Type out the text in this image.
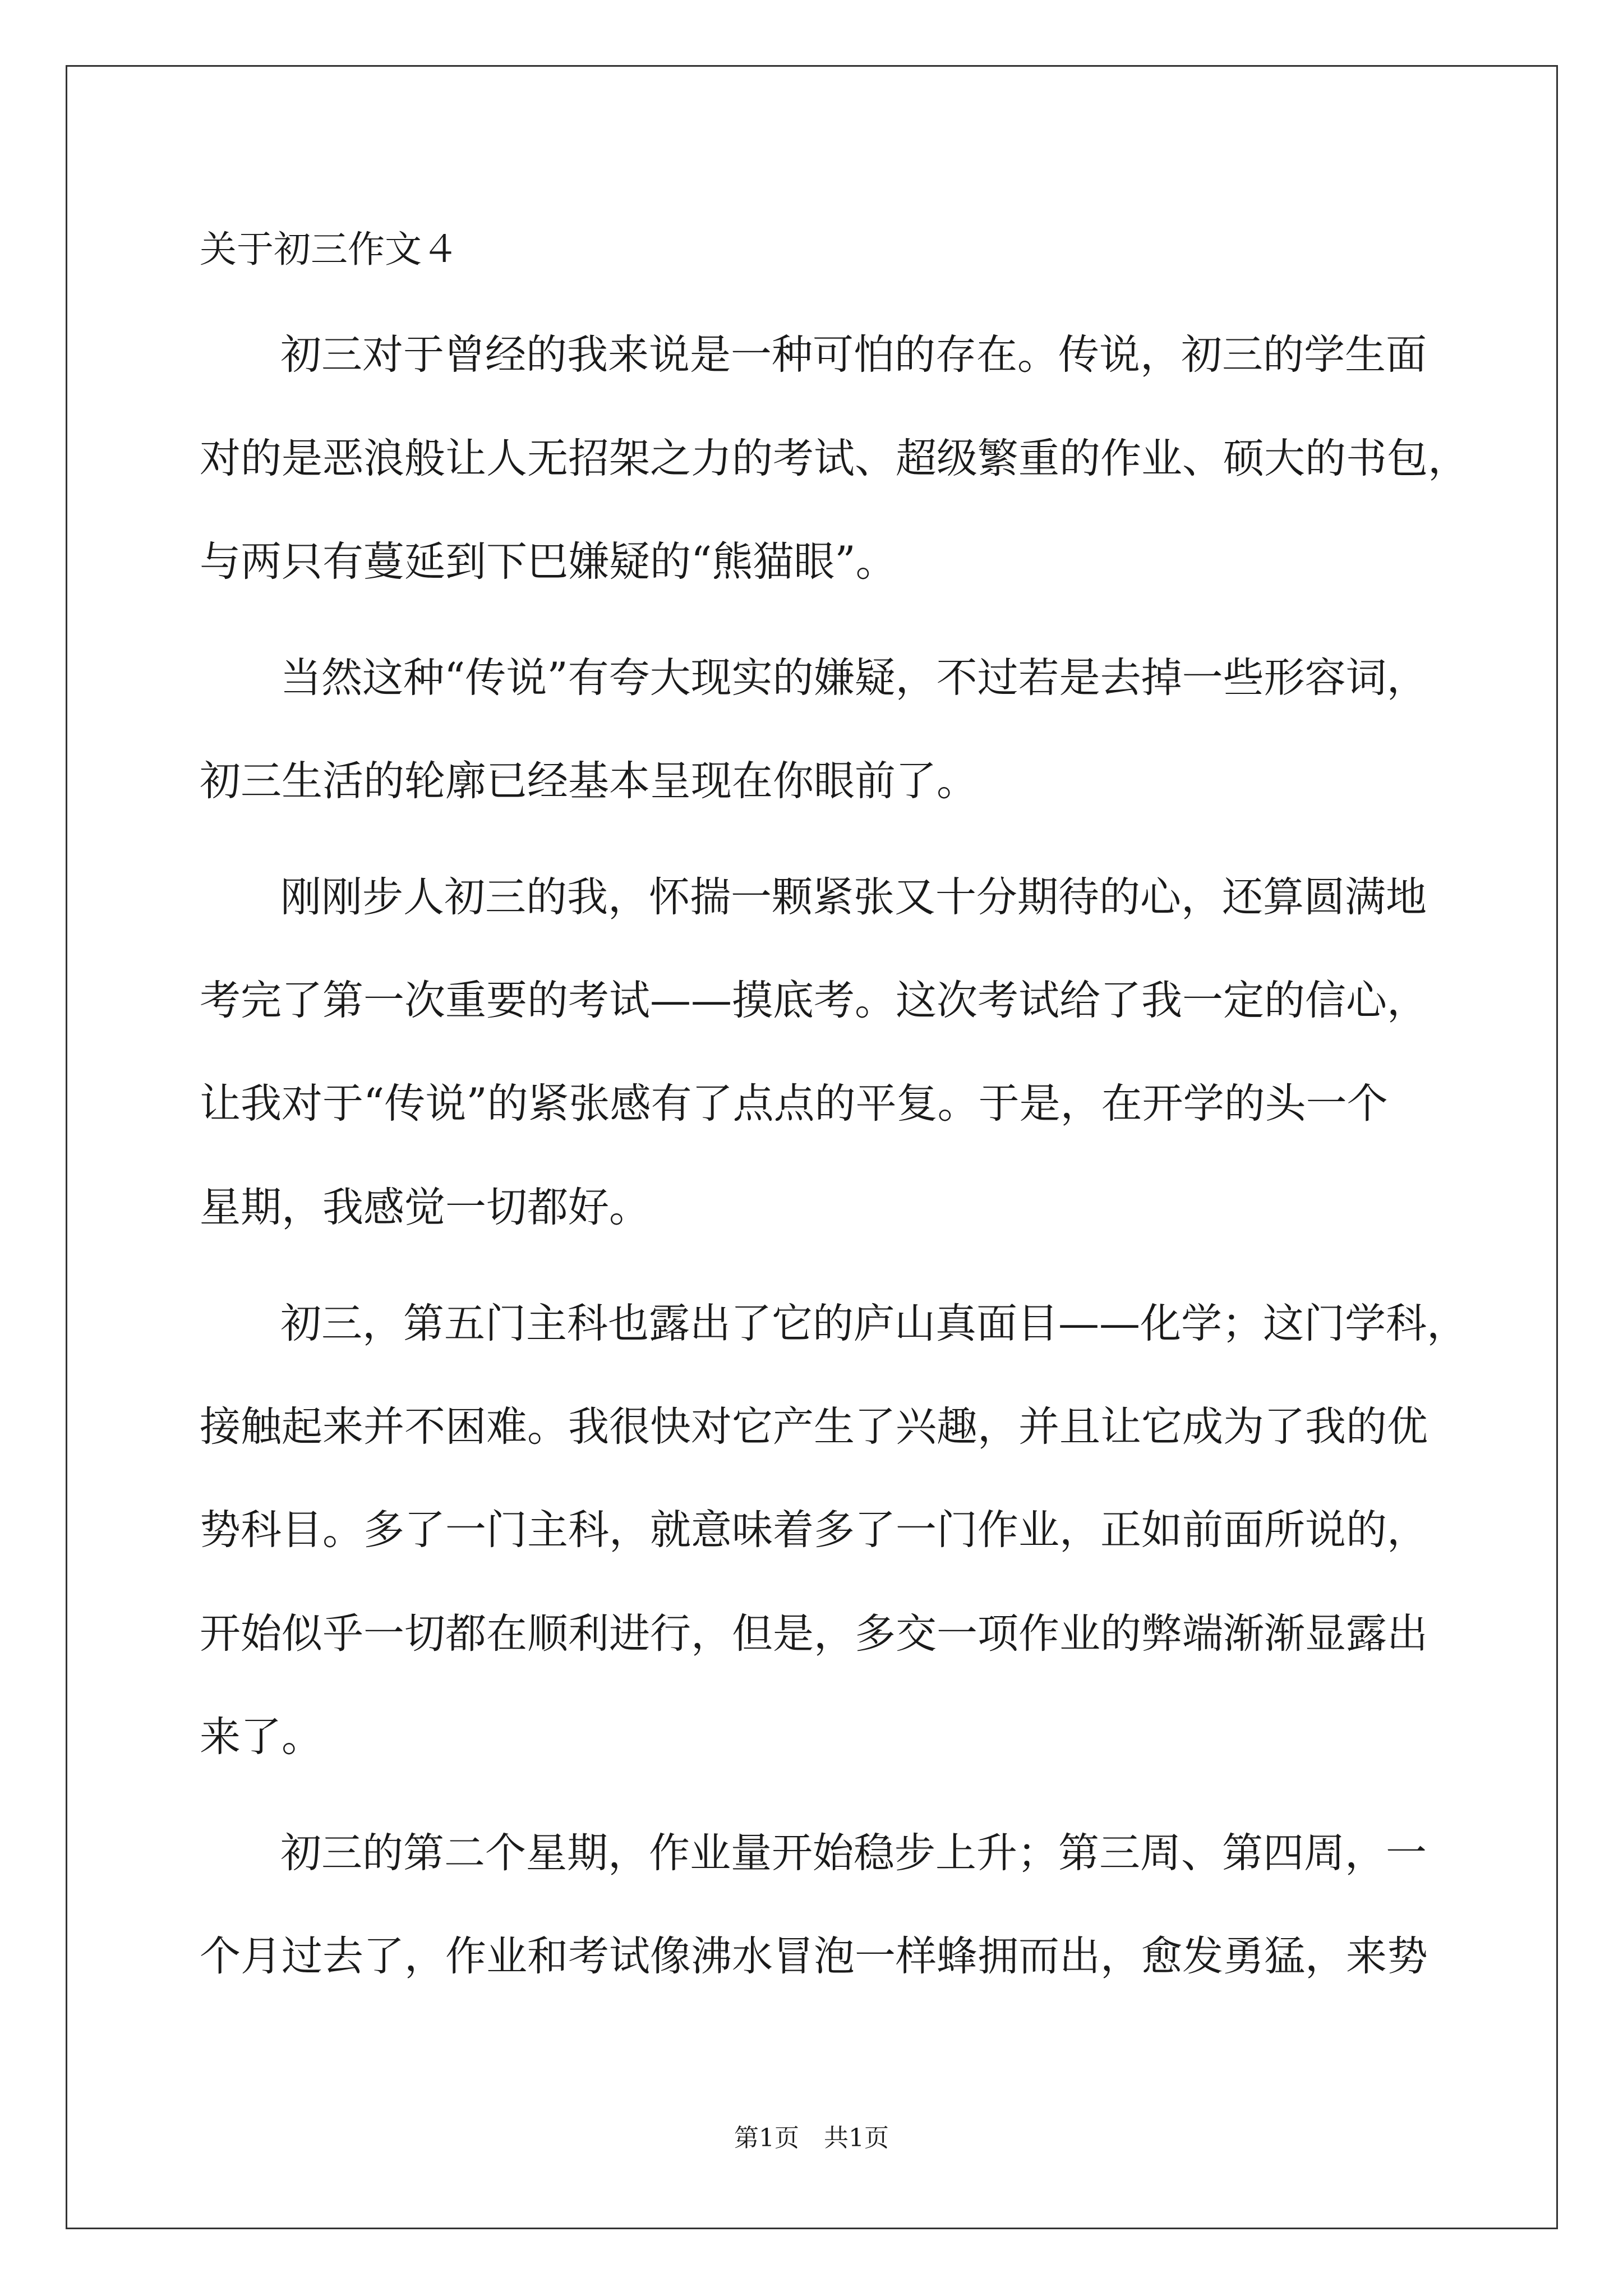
关于初三作文４

初三对于曾经的我来说是一种可怕的存在。传说，初三的学生面

对的是恶浪般让人无招架之力的考试、超级繁重的作业、硕大的书包，

与两只有蔓延到下巴嫌疑的“熊猫眼”。

当然这种“传说”有夸大现实的嫌疑，不过若是去掉一些形容词，

初三生活的轮廓已经基本呈现在你眼前了。

刚刚步人初三的我，怀揣一颗紧张又十分期待的心，还算圆满地

考完了第一次重要的考试——摸底考。这次考试给了我一定的信心，

让我对于“传说”的紧张感有了点点的平复。于是，在开学的头一个

星期，我感觉一切都好。

初三，第五门主科也露出了它的庐山真面目——化学；这门学科，

接触起来并不困难。我很快对它产生了兴趣，并且让它成为了我的优

势科目。多了一门主科，就意味着多了一门作业，正如前面所说的，

开始似乎一切都在顺利进行，但是，多交一项作业的弊端渐渐显露出

来了。

初三的第二个星期，作业量开始稳步上升；第三周、第四周，一

个月过去了，作业和考试像沸水冒泡一样蜂拥而出，愈发勇猛，来势

第1页　共1页
